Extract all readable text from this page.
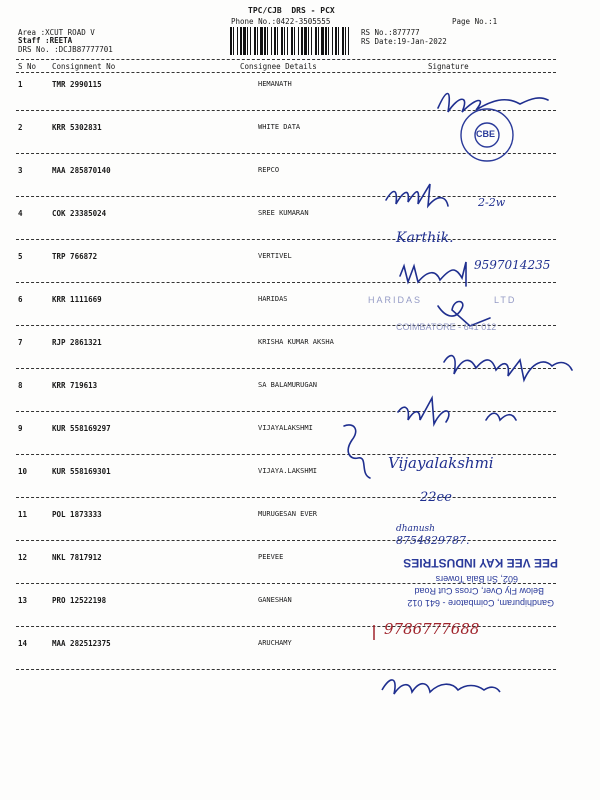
TPC/CJB  DRS - PCX
Phone No.:0422-3505555
Area :XCUT ROAD V
Staff :REETA
DRS No. :DCJB87777701
Page No.:1
RS No.:877777
RS Date:19-Jan-2022
S No Consignment No	Consignee Details	Signature
1	TMR 2990115	HEMANATH
2	KRR 5302831	WHITE DATA
3	MAA 285870140	REPCO
4	COK 23385024	SREE KUMARAN
5	TRP 766872	VERTIVEL
6	KRR 1111669	HARIDAS
7	RJP 2861321	KRISHA KUMAR AKSHA
8	KRR 719613	SA BALAMURUGAN
9	KUR 558169297	VIJAYALAKSHMI
10	KUR 558169301	VIJAYA.LAKSHMI
11	POL 1873333	MURUGESAN EVER
12	NKL 7817912	PEEVEE
13	PRO 12522198	GANESHAN
14	MAA 282512375	ARUCHAMY
CBE
2-2w
Karthik.
9597014235
HARIDAS                LTD
COIMBATORE - 641 012
Vijayalakshmi
22ee
dhanush
8754829787.
Gandhipuram, Coimbatore - 641 012
Below Fly Over, Cross Cut Road
602, Sri Bala Towers
PEE VEE KAY INDUSTRIES
9786777688
